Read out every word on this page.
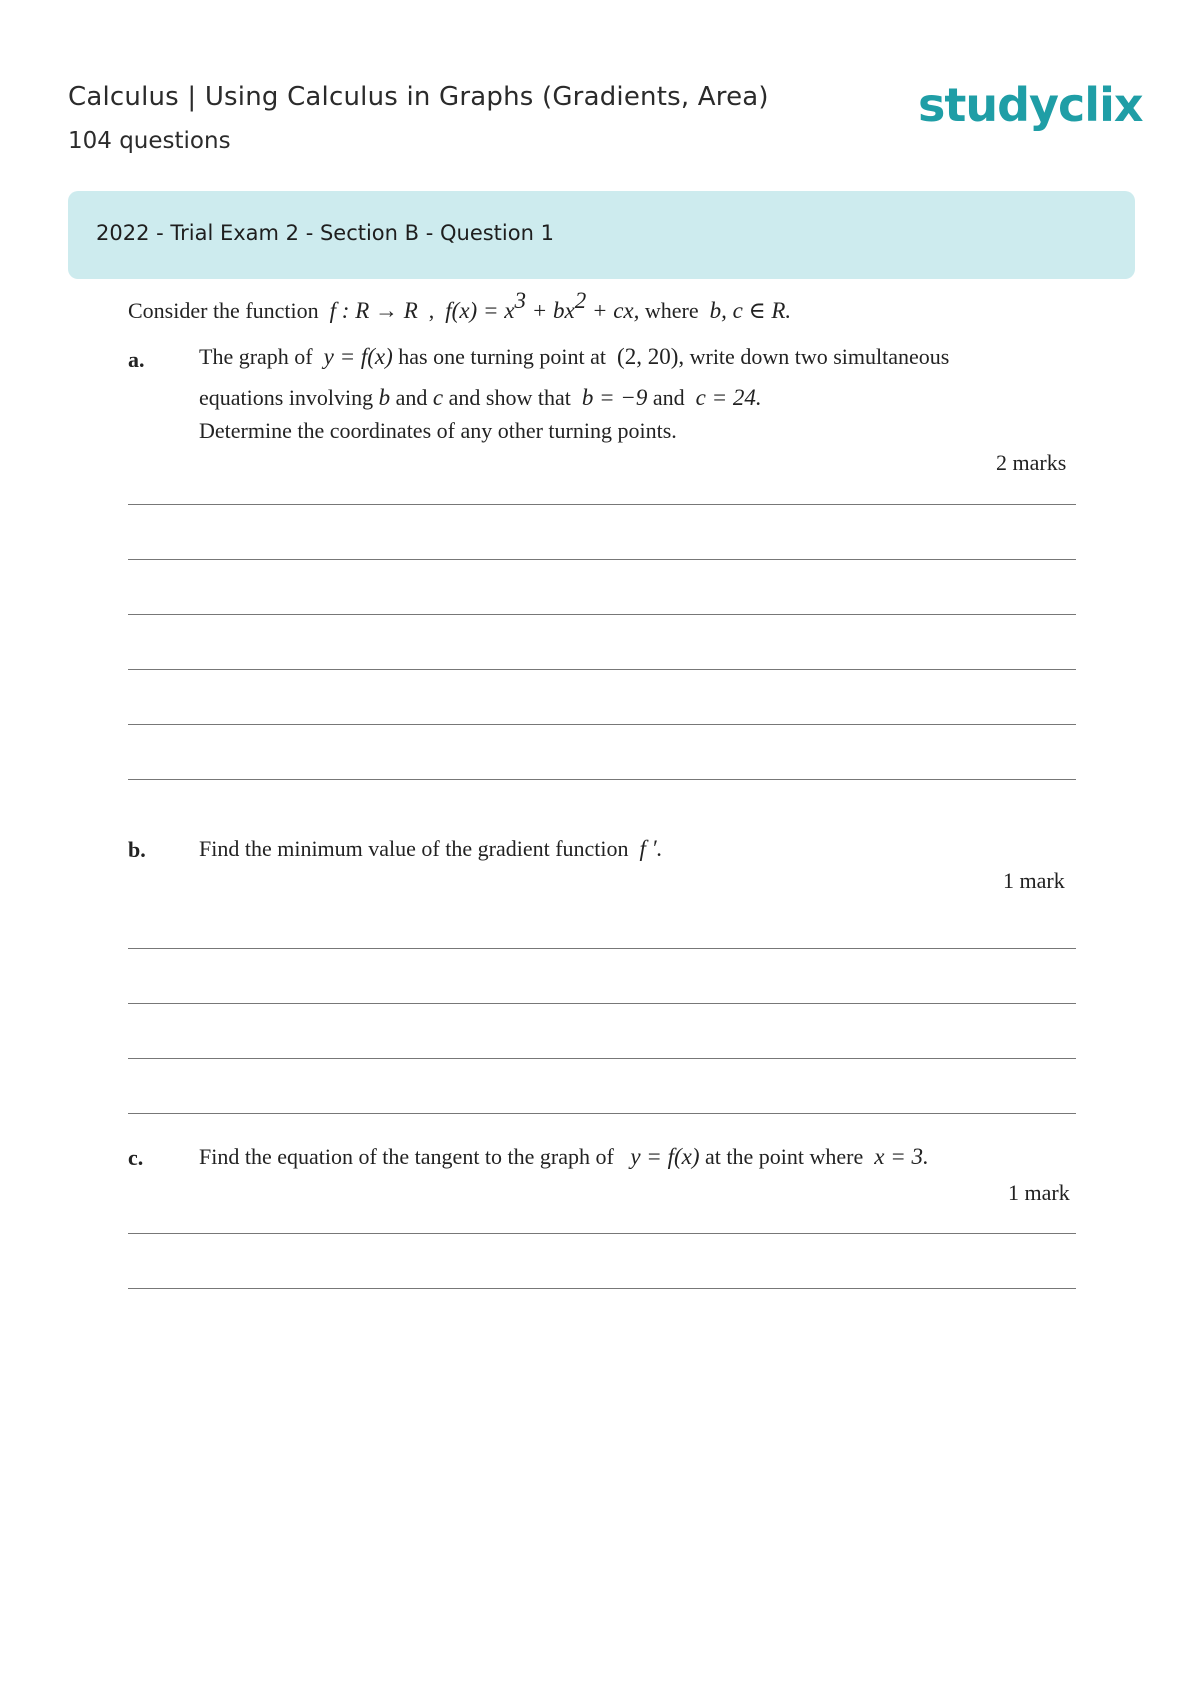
Calculus | Using Calculus in Graphs (Gradients, Area)
104 questions
studyclix
2022 - Trial Exam 2 - Section B - Question 1
Consider the function f : R → R  ,  $f(x) = x^3 + bx^2$ + cx, where b, c ∈ R.
a. The graph of y = f(x) has one turning point at (2, 20), write down two simultaneous
equations involving b and c and show that b = −9 and c = 24.
Determine the coordinates of any other turning points.
2 marks
b. Find the minimum value of the gradient function f ′.
1 mark
c.	Find the equation of the tangent to the graph of y = f(x) at the point where x = 3.
1 mark
